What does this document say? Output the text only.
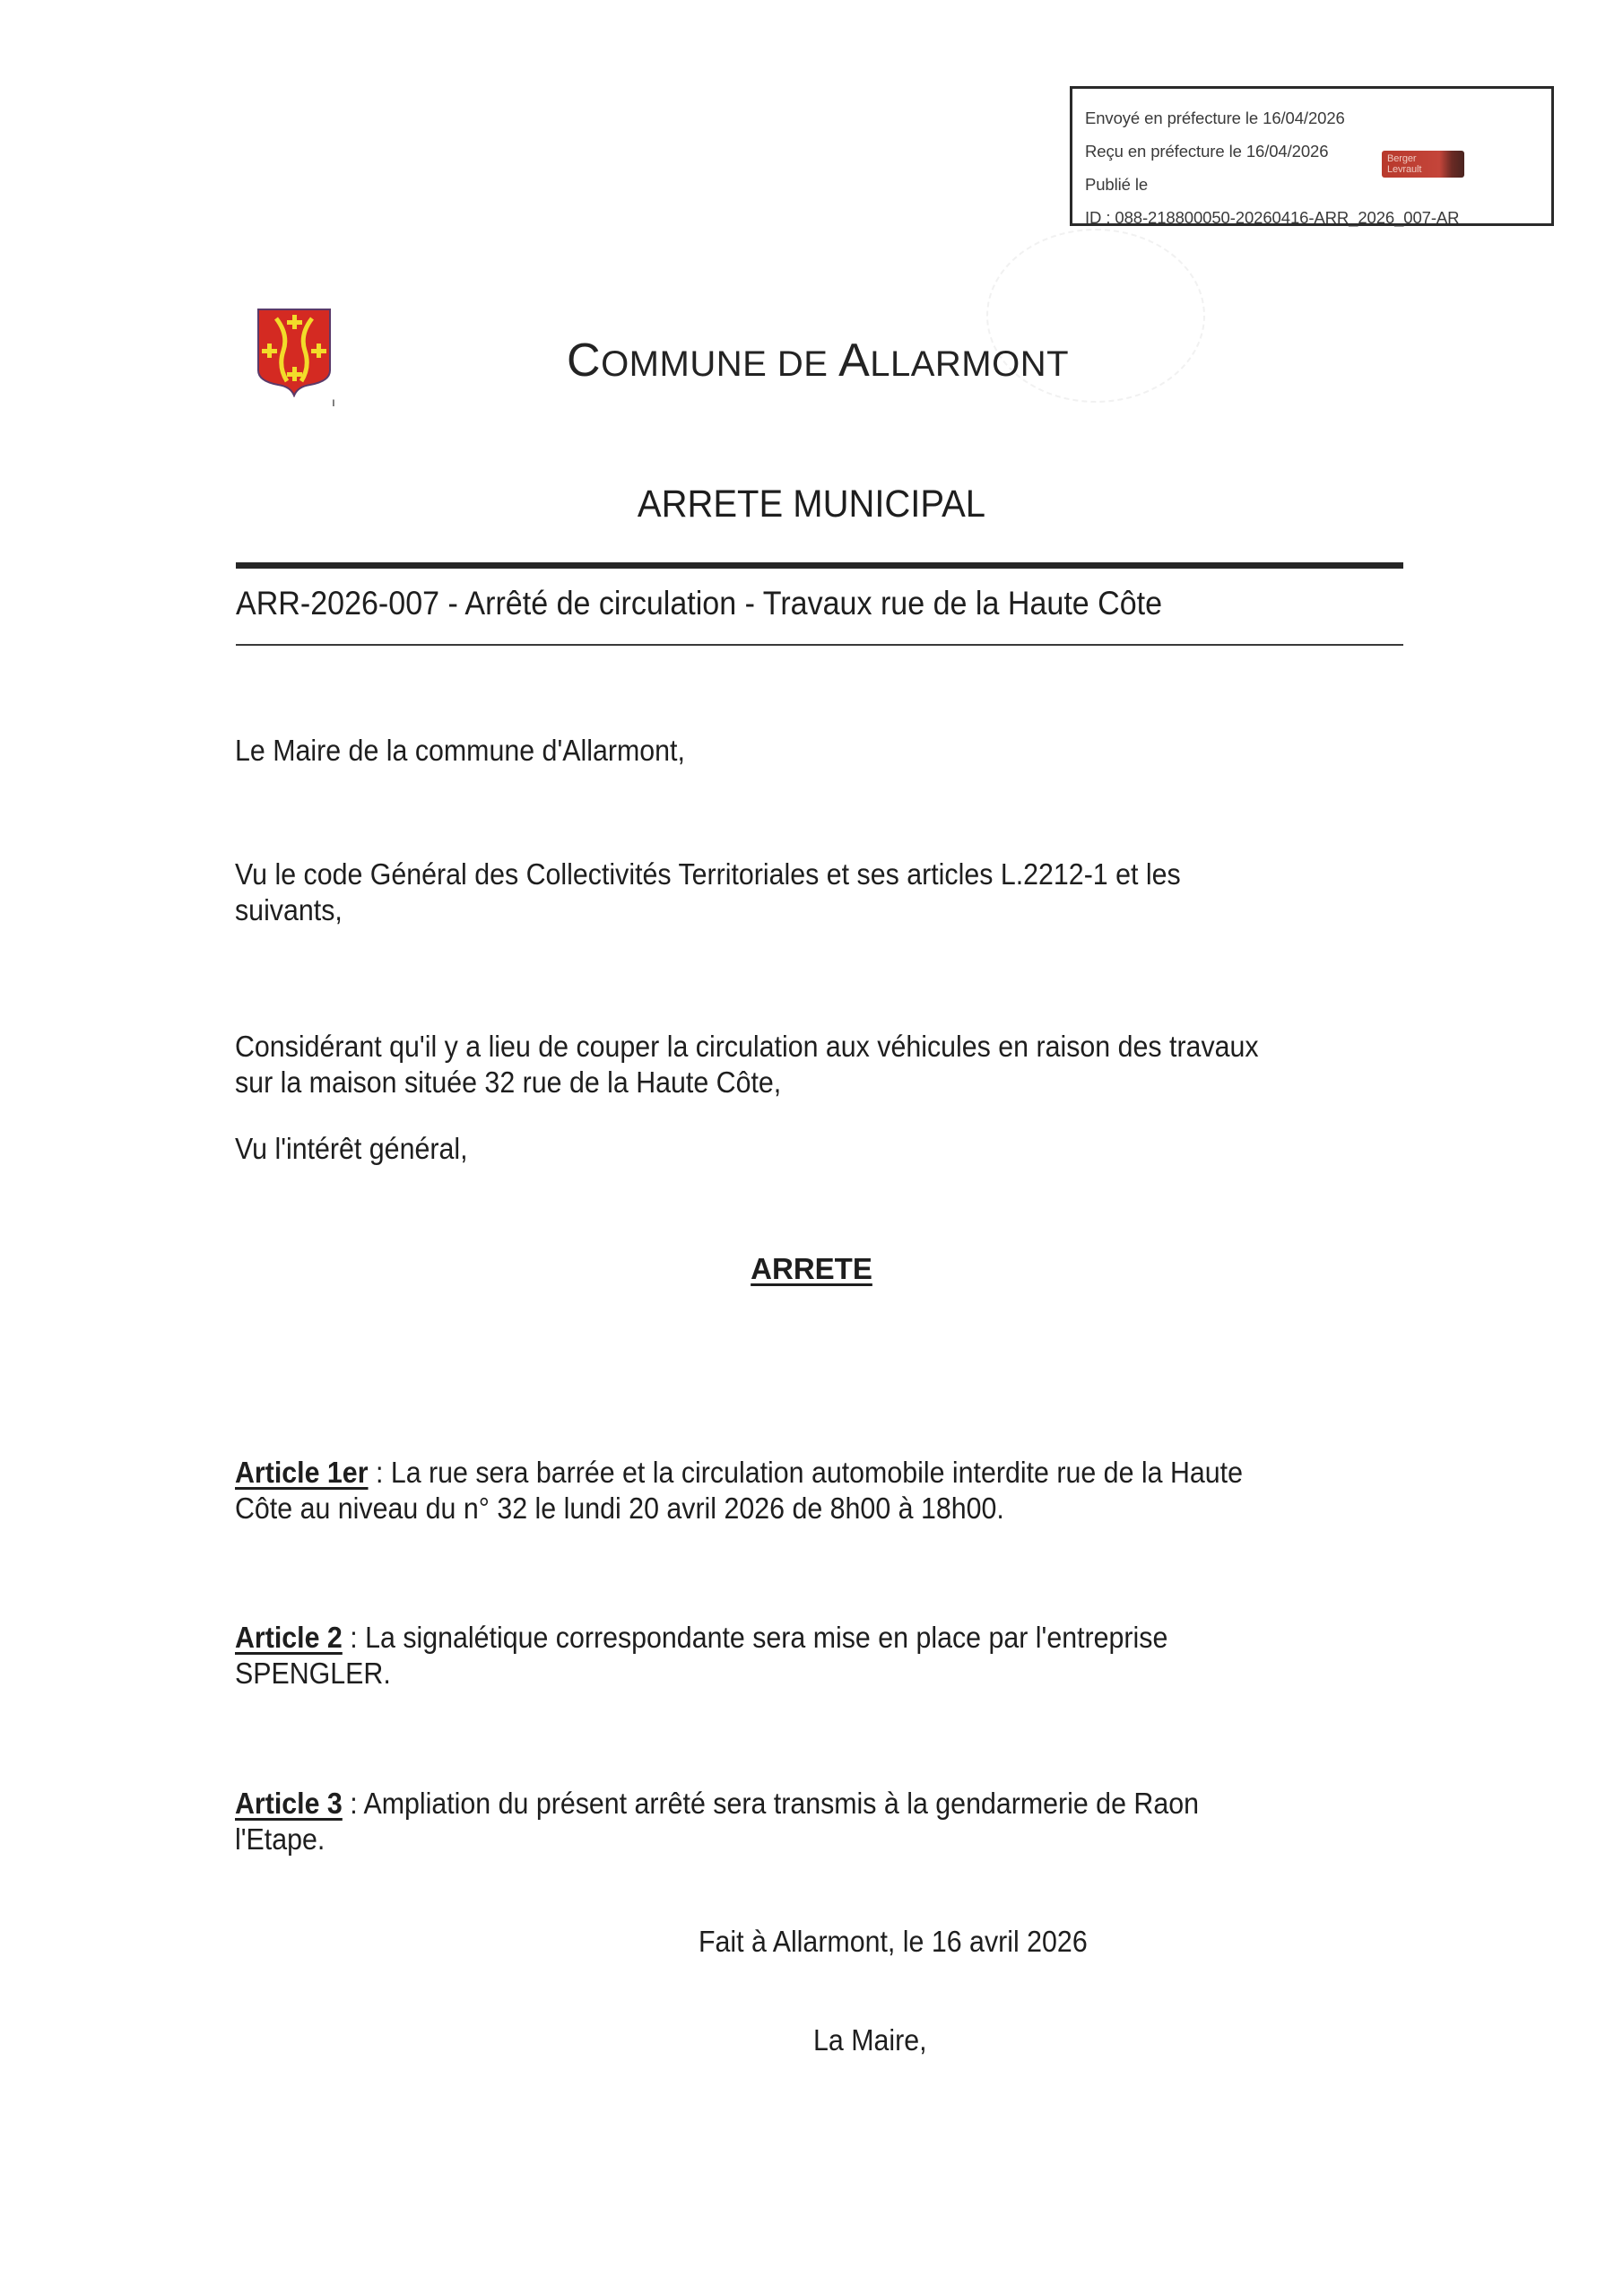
Envoyé en préfecture le 16/04/2026
Reçu en préfecture le 16/04/2026
Publié le
ID : 088-218800050-20260416-ARR_2026_007-AR
Berger
Levrault
ı
COMMUNE DE ALLARMONT
ARRETE MUNICIPAL
ARR-2026-007 - Arrêté de circulation - Travaux rue de la Haute Côte
Le Maire de la commune d'Allarmont,
Vu le code Général des Collectivités Territoriales et ses articles L.2212-1 et les
suivants,
Considérant qu'il y a lieu de couper la circulation aux véhicules en raison des travaux
sur la maison située 32 rue de la Haute Côte,
Vu l'intérêt général,
ARRETE
Article 1er : La rue sera barrée et la circulation automobile interdite rue de la Haute
Côte au niveau du n° 32 le lundi 20 avril 2026 de 8h00 à 18h00.
Article 2 : La signalétique correspondante sera mise en place par l'entreprise
SPENGLER.
Article 3 : Ampliation du présent arrêté sera transmis à la gendarmerie de Raon
l'Etape.
Fait à Allarmont, le 16 avril 2026
La Maire,
